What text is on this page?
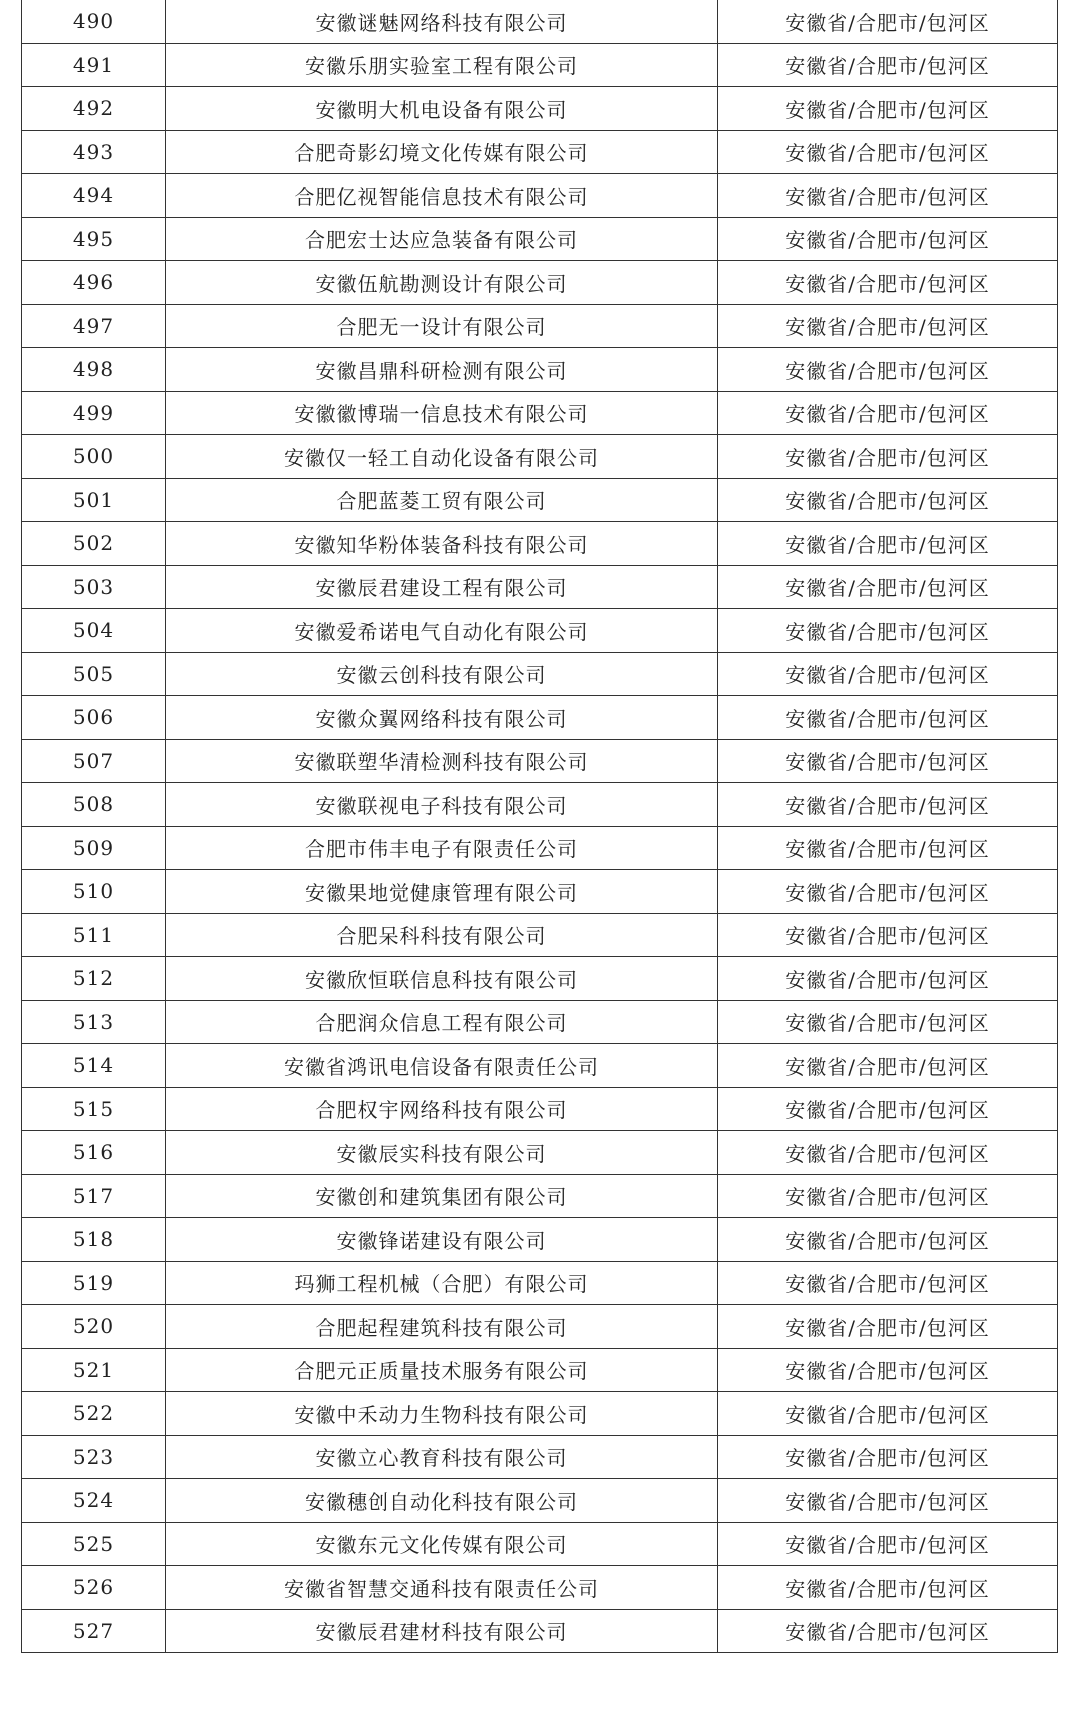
490	安徽谜魅网络科技有限公司	安徽省/合肥市/包河区
491	安徽乐朋实验室工程有限公司	安徽省/合肥市/包河区
492	安徽明大机电设备有限公司	安徽省/合肥市/包河区
493	合肥奇影幻境文化传媒有限公司	安徽省/合肥市/包河区
494	合肥亿视智能信息技术有限公司	安徽省/合肥市/包河区
495	合肥宏士达应急装备有限公司	安徽省/合肥市/包河区
496	安徽伍航勘测设计有限公司	安徽省/合肥市/包河区
497	合肥无一设计有限公司	安徽省/合肥市/包河区
498	安徽昌鼎科研检测有限公司	安徽省/合肥市/包河区
499	安徽徽博瑞一信息技术有限公司	安徽省/合肥市/包河区
500	安徽仅一轻工自动化设备有限公司	安徽省/合肥市/包河区
501	合肥蓝菱工贸有限公司	安徽省/合肥市/包河区
502	安徽知华粉体装备科技有限公司	安徽省/合肥市/包河区
503	安徽辰君建设工程有限公司	安徽省/合肥市/包河区
504	安徽爱希诺电气自动化有限公司	安徽省/合肥市/包河区
505	安徽云创科技有限公司	安徽省/合肥市/包河区
506	安徽众翼网络科技有限公司	安徽省/合肥市/包河区
507	安徽联塑华清检测科技有限公司	安徽省/合肥市/包河区
508	安徽联视电子科技有限公司	安徽省/合肥市/包河区
509	合肥市伟丰电子有限责任公司	安徽省/合肥市/包河区
510	安徽果地觉健康管理有限公司	安徽省/合肥市/包河区
511	合肥呆科科技有限公司	安徽省/合肥市/包河区
512	安徽欣恒联信息科技有限公司	安徽省/合肥市/包河区
513	合肥润众信息工程有限公司	安徽省/合肥市/包河区
514	安徽省鸿讯电信设备有限责任公司	安徽省/合肥市/包河区
515	合肥权宇网络科技有限公司	安徽省/合肥市/包河区
516	安徽辰实科技有限公司	安徽省/合肥市/包河区
517	安徽创和建筑集团有限公司	安徽省/合肥市/包河区
518	安徽锋诺建设有限公司	安徽省/合肥市/包河区
519	玛狮工程机械（合肥）有限公司	安徽省/合肥市/包河区
520	合肥起程建筑科技有限公司	安徽省/合肥市/包河区
521	合肥元正质量技术服务有限公司	安徽省/合肥市/包河区
522	安徽中禾动力生物科技有限公司	安徽省/合肥市/包河区
523	安徽立心教育科技有限公司	安徽省/合肥市/包河区
524	安徽穗创自动化科技有限公司	安徽省/合肥市/包河区
525	安徽东元文化传媒有限公司	安徽省/合肥市/包河区
526	安徽省智慧交通科技有限责任公司	安徽省/合肥市/包河区
527	安徽辰君建材科技有限公司	安徽省/合肥市/包河区
